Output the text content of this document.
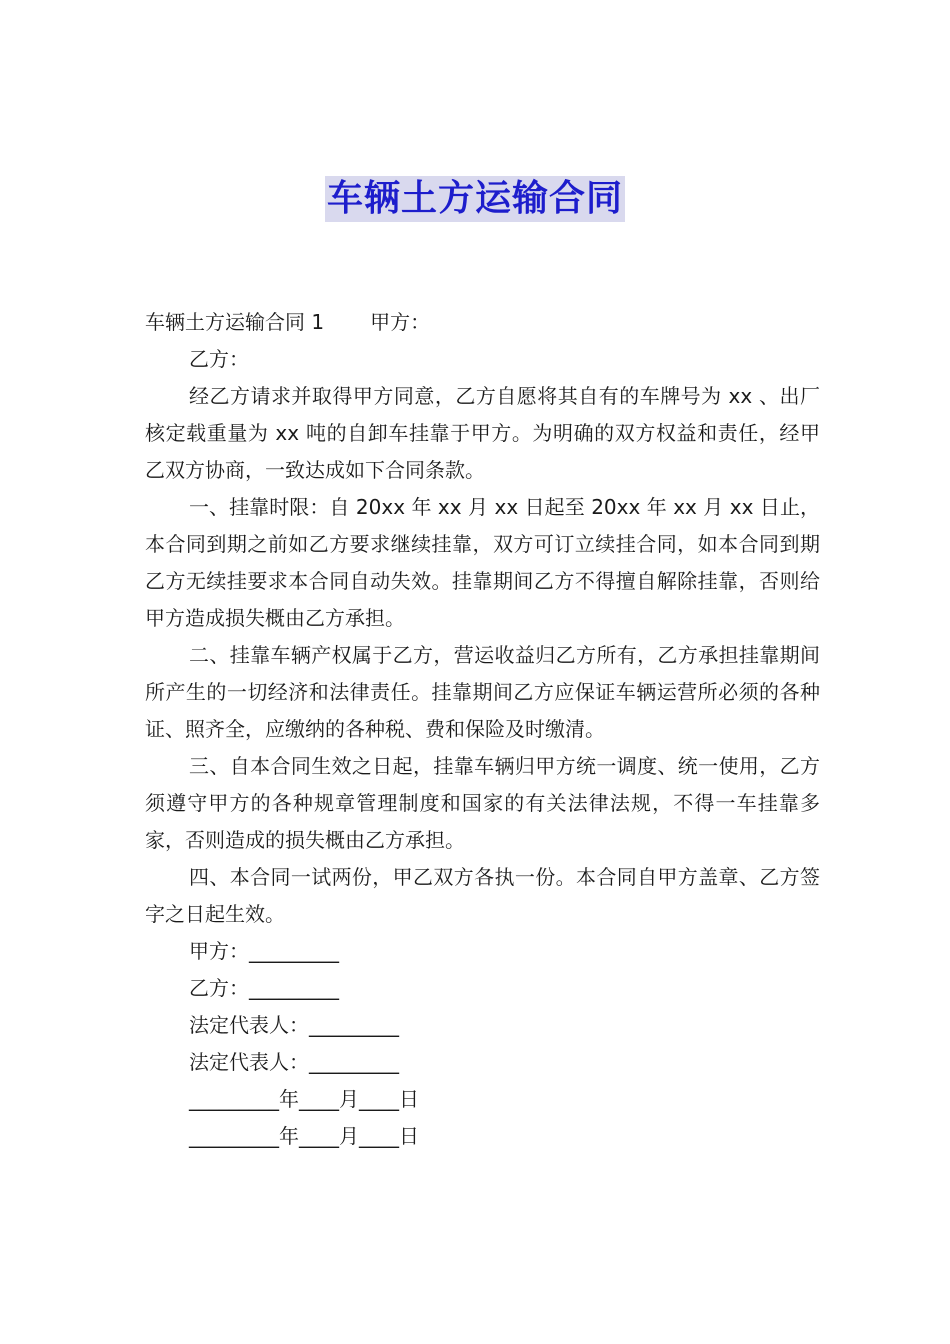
车辆土方运输合同

车辆土方运输合同 1 甲方：

乙方：

经乙方请求并取得甲方同意，乙方自愿将其自有的车牌号为 xx 、出厂核定载重量为 xx 吨的自卸车挂靠于甲方。为明确的双方权益和责任，经甲乙双方协商，一致达成如下合同条款。

一、挂靠时限：自 20xx 年 xx 月 xx 日起至 20xx 年 xx 月 xx 日止，本合同到期之前如乙方要求继续挂靠，双方可订立续挂合同，如本合同到期乙方无续挂要求本合同自动失效。挂靠期间乙方不得擅自解除挂靠，否则给甲方造成损失概由乙方承担。

二、挂靠车辆产权属于乙方，营运收益归乙方所有，乙方承担挂靠期间所产生的一切经济和法律责任。挂靠期间乙方应保证车辆运营所必须的各种证、照齐全，应缴纳的各种税、费和保险及时缴清。

三、自本合同生效之日起，挂靠车辆归甲方统一调度、统一使用，乙方须遵守甲方的各种规章管理制度和国家的有关法律法规，不得一车挂靠多家，否则造成的损失概由乙方承担。

四、本合同一试两份，甲乙双方各执一份。本合同自甲方盖章、乙方签字之日起生效。

甲方：_________

乙方：_________

法定代表人：_________

法定代表人：_________

_________年____月____日

_________年____月____日
